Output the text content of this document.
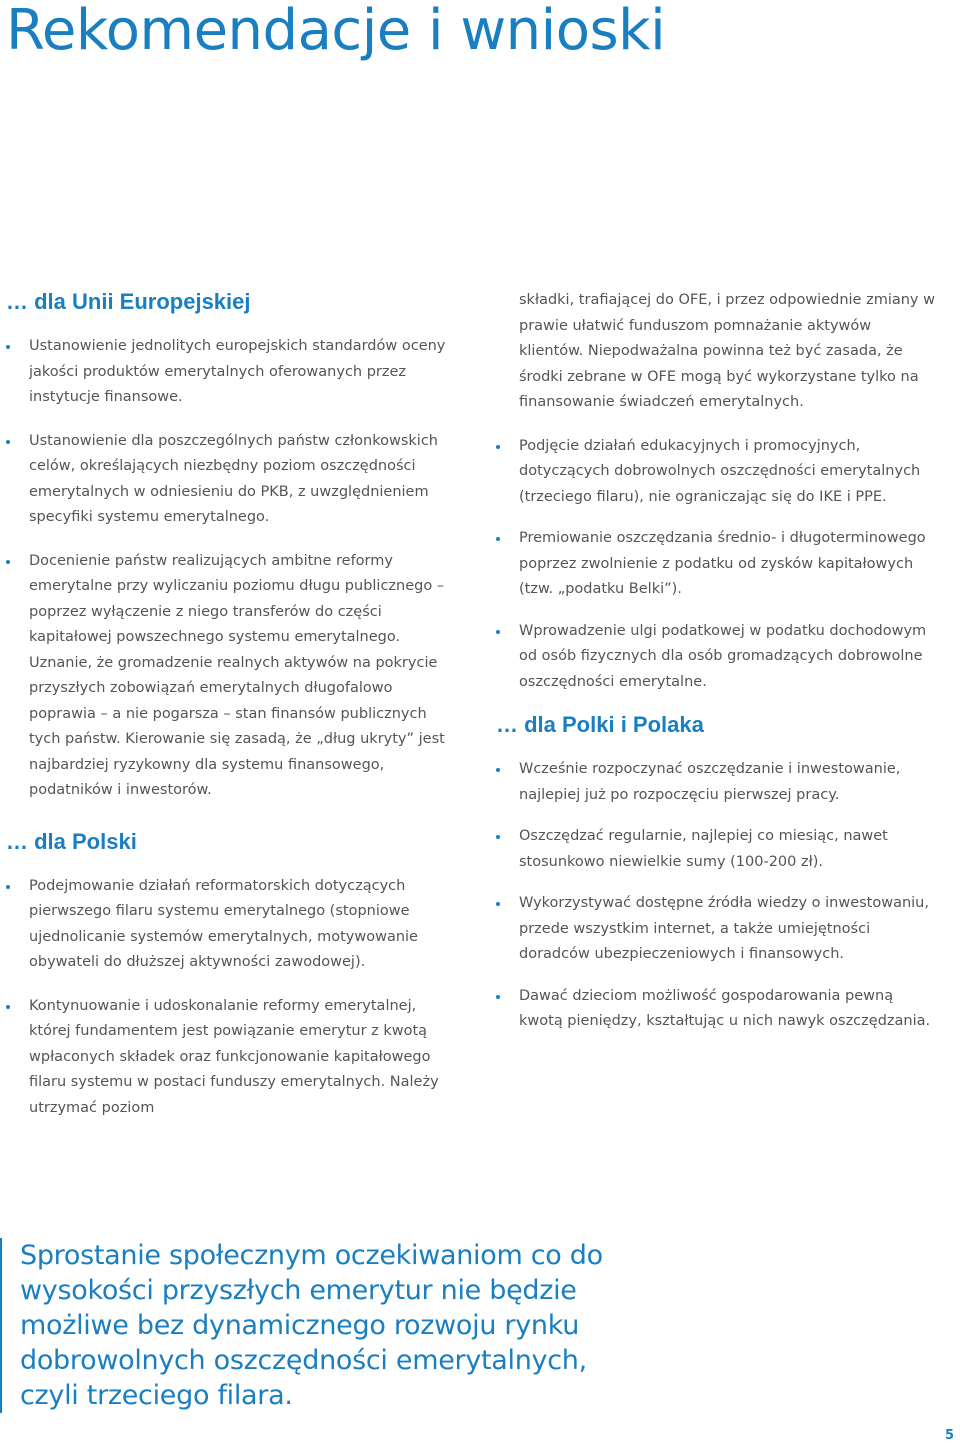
Rekomendacje i wnioski
… dla Unii Europejskiej
Ustanowienie jednolitych europejskich standardów oceny jakości produktów emerytalnych oferowanych przez instytucje finansowe.
Ustanowienie dla poszczególnych państw członkowskich celów, określających niezbędny poziom oszczędności emerytalnych w odniesieniu do PKB, z uwzględnieniem specyfiki systemu emerytalnego.
Docenienie państw realizujących ambitne reformy emerytalne przy wyliczaniu poziomu długu publicznego – poprzez wyłączenie z niego transferów do części kapitałowej powszechnego systemu emerytalnego. Uznanie, że gromadzenie realnych aktywów na pokrycie przyszłych zobowiązań emerytalnych długofalowo poprawia – a nie pogarsza – stan finansów publicznych tych państw. Kierowanie się zasadą, że „dług ukryty” jest najbardziej ryzykowny dla systemu finansowego, podatników i inwestorów.
… dla Polski
Podejmowanie działań reformatorskich dotyczących pierwszego filaru systemu emerytalnego (stopniowe ujednolicanie systemów emerytalnych, motywowanie obywateli do dłuższej aktywności zawodowej).
Kontynuowanie i udoskonalanie reformy emerytalnej, której fundamentem jest powiązanie emerytur z kwotą wpłaconych składek oraz funkcjonowanie kapitałowego filaru systemu w postaci funduszy emerytalnych. Należy utrzymać poziom

składki, trafiającej do OFE, i przez odpowiednie zmiany w prawie ułatwić funduszom pomnażanie aktywów klientów. Niepodważalna powinna też być zasada, że środki zebrane w OFE mogą być wykorzystane tylko na finansowanie świadczeń emerytalnych.

Podjęcie działań edukacyjnych i promocyjnych, dotyczących dobrowolnych oszczędności emerytalnych (trzeciego filaru), nie ograniczając się do IKE i PPE.
Premiowanie oszczędzania średnio- i długoterminowego poprzez zwolnienie z podatku od zysków kapitałowych (tzw. „podatku Belki”).
Wprowadzenie ulgi podatkowej w podatku dochodowym od osób fizycznych dla osób gromadzących dobrowolne oszczędności emerytalne.
… dla Polki i Polaka
Wcześnie rozpoczynać oszczędzanie i inwestowanie, najlepiej już po rozpoczęciu pierwszej pracy.
Oszczędzać regularnie, najlepiej co miesiąc, nawet stosunkowo niewielkie sumy (100-200 zł).
Wykorzystywać dostępne źródła wiedzy o inwestowaniu, przede wszystkim internet, a także umiejętności doradców ubezpieczeniowych i finansowych.
Dawać dzieciom możliwość gospodarowania pewną kwotą pieniędzy, kształtując u nich nawyk oszczędzania.

Sprostanie społecznym oczekiwaniom co do wysokości przyszłych emerytur nie będzie możliwe bez dynamicznego rozwoju rynku dobrowolnych oszczędności emerytalnych, czyli trzeciego filara.

5
